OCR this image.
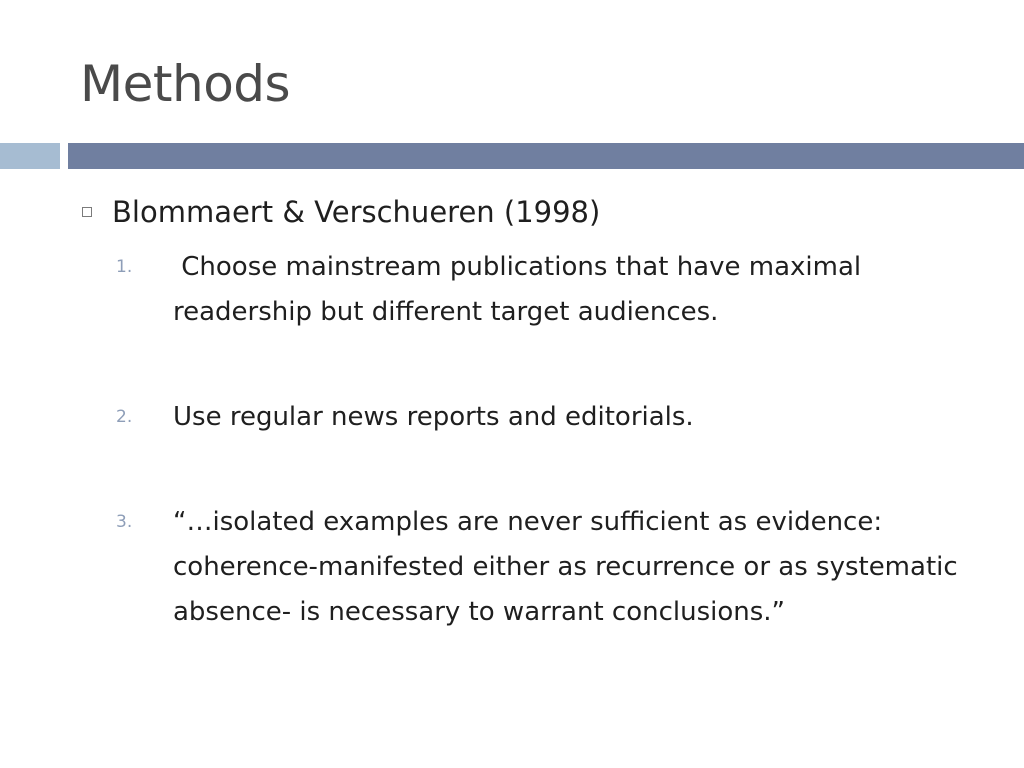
Methods
Blommaert & Verschueren (1998)
1. Choose mainstream publications that have maximal readership but different target audiences.

2. Use regular news reports and editorials.

3. “…isolated examples are never sufficient as evidence: coherence-manifested either as recurrence or as systematic absence- is necessary to warrant conclusions.”
